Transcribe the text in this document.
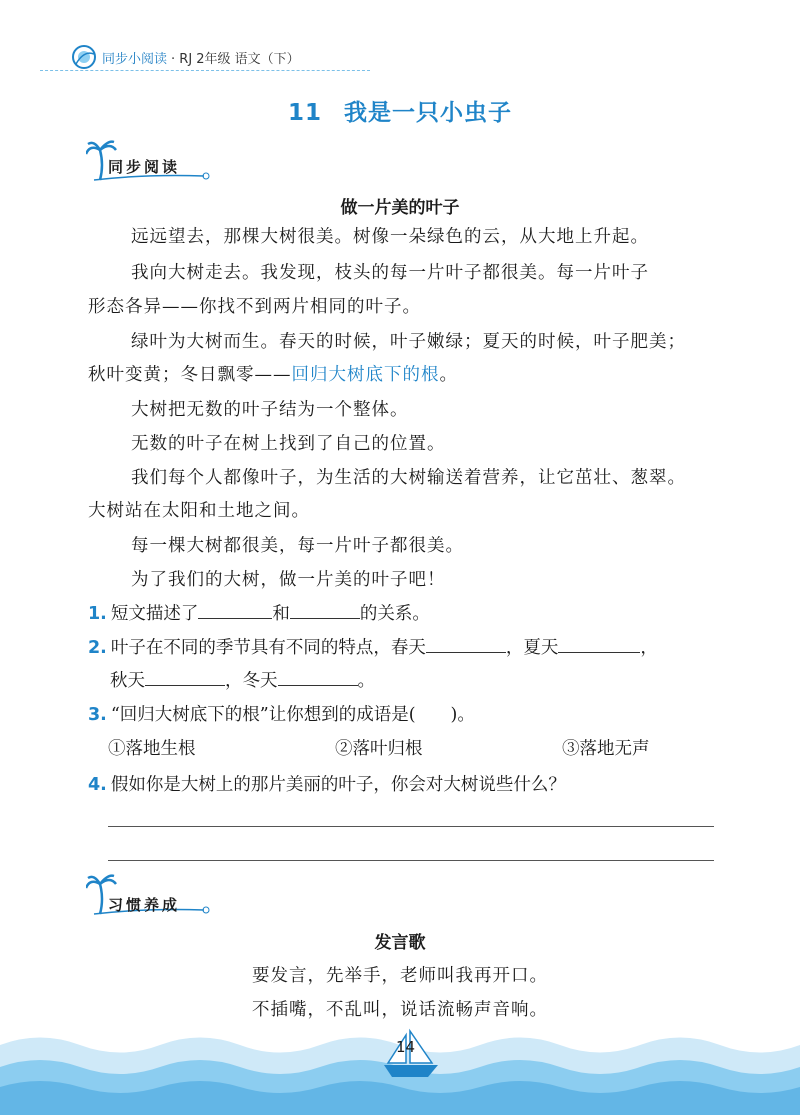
同步小阅读 · RJ 2年级 语文（下）
11 我是一只小虫子
同步阅读
做一片美的叶子
远远望去，那棵大树很美。树像一朵绿色的云，从大地上升起。
我向大树走去。我发现，枝头的每一片叶子都很美。每一片叶子
形态各异——你找不到两片相同的叶子。
绿叶为大树而生。春天的时候，叶子嫩绿；夏天的时候，叶子肥美；
秋叶变黄；冬日飘零——回归大树底下的根。
大树把无数的叶子结为一个整体。
无数的叶子在树上找到了自己的位置。
我们每个人都像叶子，为生活的大树输送着营养，让它茁壮、葱翠。
大树站在太阳和土地之间。
每一棵大树都很美，每一片叶子都很美。
为了我们的大树，做一片美的叶子吧！
1. 短文描述了	和	的关系。
2. 叶子在不同的季节具有不同的特点，春天	，夏天	，
秋天	，冬天	。
3. “回归大树底下的根”让你想到的成语是(　　)。
①落地生根	②落叶归根	③落地无声
4. 假如你是大树上的那片美丽的叶子，你会对大树说些什么？
习惯养成
发言歌
要发言，先举手，老师叫我再开口。
不插嘴，不乱叫，说话流畅声音响。
14
